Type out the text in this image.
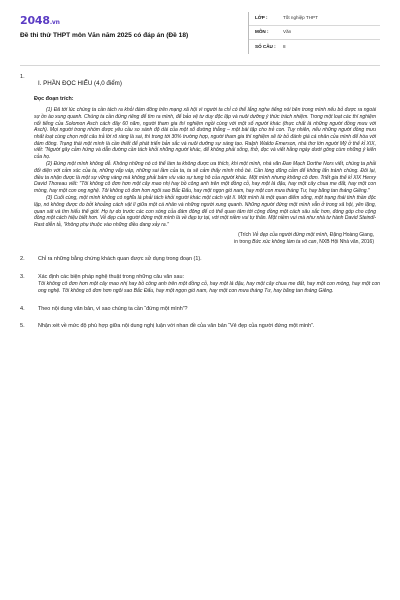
2048.vn
Đề thi thử THPT môn Văn năm 2025 có đáp án (Đề 18)
LỚP :	Tốt nghiệp THPT
MÔN :	Văn
SỐ CÂU :	8
1.
I. PHẦN ĐỌC HIỂU (4,0 điểm)
Đọc đoạn trích:

(1) Đã tới lúc chúng ta cần tách ra khỏi đám đông trên mạng xã hội vì người ta chỉ có thể lắng nghe tiếng nói bên trong mình nếu bỏ được ra ngoài sự ồn ào xung quanh. Chúng ta cần đứng riêng để tìm ra mình, để bảo vệ tư duy độc lập và nuôi dưỡng ý thức trách nhiệm. Trong một loạt các thí nghiệm nổi tiếng của Solomon Asch cách đây 60 năm, người tham gia thí nghiệm ngồi cùng với một số người khác (thực chất là những người đồng mưu với Asch). Mọi người trong nhóm được yêu cầu so sánh độ dài của một số đường thẳng – một bài tập cho trẻ con. Tuy nhiên, nếu những người đồng mưu nhất loạt cùng chọn một câu trả lời rõ ràng là sai, thì trong tới 30% trường hợp, người tham gia thí nghiệm sẽ từ bỏ đánh giá cá nhân của mình để hòa với đám đông. Trạng thái một mình là cần thiết để phát triển bản sắc và nuôi dưỡng sự sáng tạo. Ralph Waldo Emerson, nhà thơ lớn người Mỹ ở thế kỉ XIX, viết: "Người gây cảm hứng và dẫn đường cần tách khỏi những người khác, để không phải sống, thở, đọc và viết hằng ngày dưới gông cùm những ý kiến của họ.

(2) Đứng một mình không dễ. Không những nó có thể làm ta không được ưa thích, khi một mình, nhà văn Đan Mạch Dorthe Nors viết, chúng ta phải đối diện với cảm xúc của ta, những vấp váp, những sai lầm của ta, ta sẽ cảm thấy mình nhỏ bé. Cần lòng dũng cảm để không lẩn tránh chúng. Đôi lại, điều ta nhận được là một sự vững vàng mà không phải bám víu vào sự tung hô của người khác. Một mình nhưng không cô đơn. Triết gia thế kỉ XIX Henry David Thoreau viết: "Tôi không cô đơn hơn một cây mao nhị hay bồ công anh trên một đồng cỏ, hay một lá đậu, hay một cây chua me đất, hay một con mòng, hay một con ong nghệ. Tôi không cô đơn hơn ngôi sao Bắc Đẩu, hay một ngọn gió nam, hay một con mưa tháng Tư, hay băng tan tháng Giêng."

(3) Cuối cùng, một mình không có nghĩa là phải tách khỏi người khác một cách vật lí. Một mình là một quan điểm sống, một trạng thái tinh thần độc lập, nó không được đo bởi khoảng cách vật lí giữa một cá nhân và những người xung quanh. Những người đứng một mình vẫn ở trong xã hội, yên lặng, quan sát và tìm hiểu thế giới. Họ tự do trước các con sóng của đám đông để có thể quan tâm tới cộng đồng một cách sâu sắc hơn, đóng góp cho cộng đồng một cách hiệu biết hơn. Vẻ đẹp của người đứng một mình là về đẹp tự tại, với một niềm vui tự thân. Một niềm vui mà như nhà tư hành David Steindl-Rast diễn tả, "không phụ thuộc vào những điều đang xảy ra."

(Trích Vẻ đẹp của người đứng một mình, Đặng Hoàng Giang,
in trong Bức xúc không làm ta vô can, NXB Hội Nhà văn, 2016)
2.	Chỉ ra những bằng chứng khách quan được sử dụng trong đoạn (1).
3.	Xác định các biện pháp nghệ thuật trong những câu văn sau:
Tôi không cô đơn hơn một cây mao nhị hay bồ công anh trên một đồng cỏ, hay một lá đậu, hay một cây chua me đất, hay một con mòng, hay một con ong nghệ. Tôi không cô đơn hơn ngôi sao Bắc Đẩu, hay một ngọn gió nam, hay một con mưa tháng Tư, hay băng tan tháng Giêng.
4.	Theo nội dung văn bản, vì sao chúng ta cần “đứng một mình”?
5.	Nhận xét về mức độ phù hợp giữa nội dung nghị luận với nhan đề của văn bản “Vẻ đẹp của người đứng một mình”.
